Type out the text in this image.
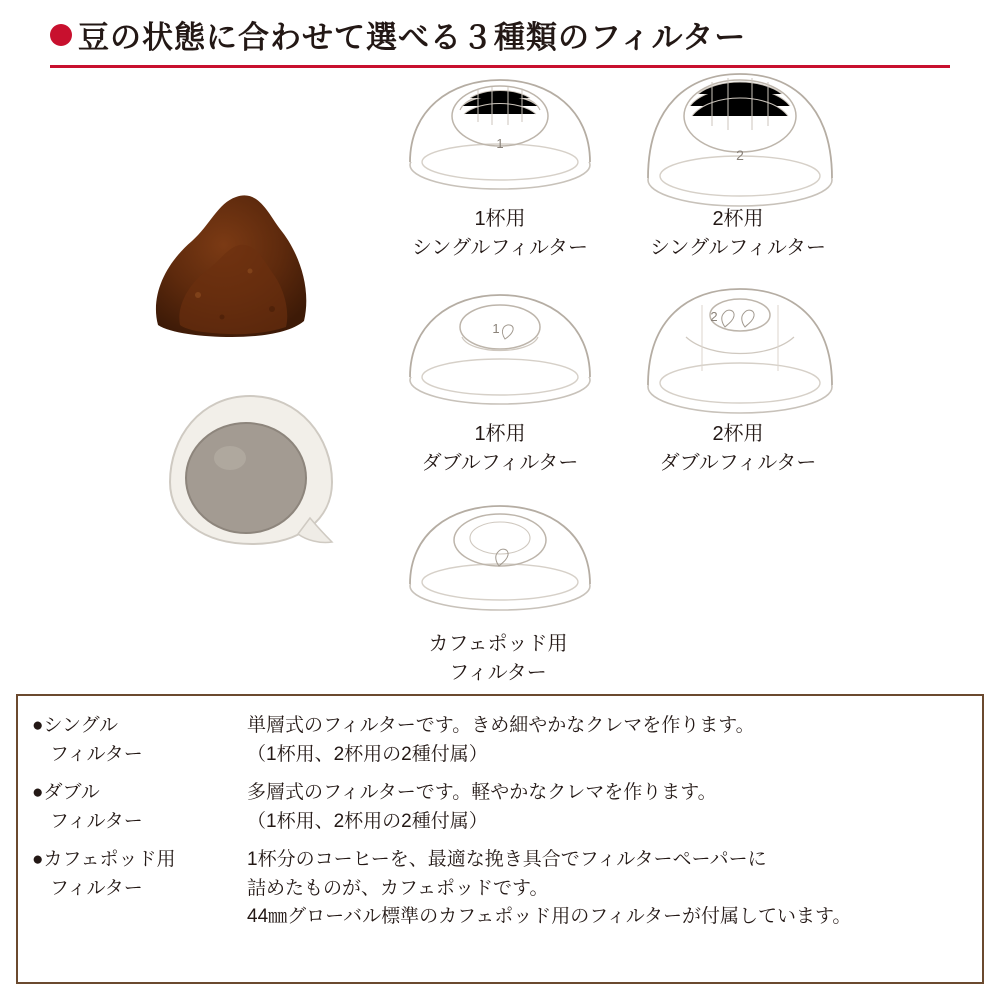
豆の状態に合わせて選べる３種類のフィルター
1
1杯用
シングルフィルター
2
2杯用
シングルフィルター
1
1杯用
ダブルフィルター
2
2杯用
ダブルフィルター
カフェポッド用
フィルター
●シングル
フィルター
単層式のフィルターです。きめ細やかなクレマを作ります。
（1杯用、2杯用の2種付属）
●ダブル
フィルター
多層式のフィルターです。軽やかなクレマを作ります。
（1杯用、2杯用の2種付属）
●カフェポッド用
フィルター
1杯分のコーヒーを、最適な挽き具合でフィルターペーパーに
詰めたものが、カフェポッドです。
44㎜グローバル標準のカフェポッド用のフィルターが付属しています。
